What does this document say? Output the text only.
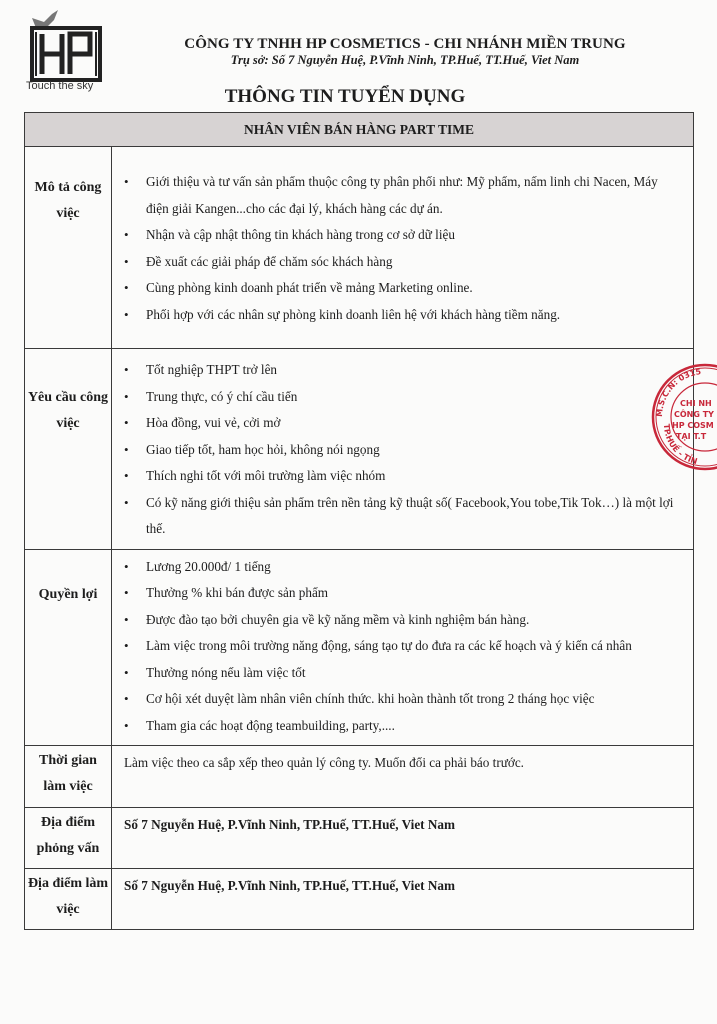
Touch the sky
CÔNG TY TNHH HP COSMETICS - CHI NHÁNH MIỀN TRUNG
Trụ sở: Số 7 Nguyễn Huệ, P.Vĩnh Ninh, TP.Huế, TT.Huế, Viet Nam
THÔNG TIN TUYỂN DỤNG
NHÂN VIÊN BÁN HÀNG PART TIME
Mô tả công việc	
• Giới thiệu và tư vấn sản phẩm thuộc công ty phân phối như: Mỹ phẩm, nấm linh chi Nacen, Máy điện giải Kangen...cho các đại lý, khách hàng các dự án.
• Nhận và cập nhật thông tin khách hàng trong cơ sở dữ liệu
• Đề xuất các giải pháp để chăm sóc khách hàng
• Cùng phòng kinh doanh phát triển về mảng Marketing online.
• Phối hợp với các nhân sự phòng kinh doanh liên hệ với khách hàng tiềm năng.

Yêu cầu công việc	
• Tốt nghiệp THPT trở lên
• Trung thực, có ý chí cầu tiến
• Hòa đồng, vui vẻ, cởi mở
• Giao tiếp tốt, ham học hỏi, không nói ngọng
• Thích nghi tốt với môi trường làm việc nhóm
• Có kỹ năng giới thiệu sản phẩm trên nền tảng kỹ thuật số( Facebook,You tobe,Tik Tok…) là một lợi thế.

Quyền lợi	
• Lương 20.000đ/ 1 tiếng
• Thưởng % khi bán được sản phẩm
• Được đào tạo bởi chuyên gia về kỹ năng mềm và kinh nghiệm bán hàng.
• Làm việc trong môi trường năng động, sáng tạo tự do đưa ra các kế hoạch và ý kiến cá nhân
• Thưởng nóng nếu làm việc tốt
• Cơ hội xét duyệt làm nhân viên chính thức. khi hoàn thành tốt trong 2 tháng học việc
• Tham gia các hoạt động teambuilding, party,....

Thời gian làm việc	
Làm việc theo ca sắp xếp theo quản lý công ty. Muốn đổi ca phải báo trước.

Địa điểm phỏng vấn	
Số 7 Nguyễn Huệ, P.Vĩnh Ninh, TP.Huế, TT.Huế, Viet Nam

Địa điểm làm việc	
Số 7 Nguyễn Huệ, P.Vĩnh Ninh, TP.Huế, TT.Huế, Viet Nam
M.S.C.N: 0315
TP.HUẾ - TỈN
CHI NH
CÔNG TY
HP COSM
TẠI T.T
